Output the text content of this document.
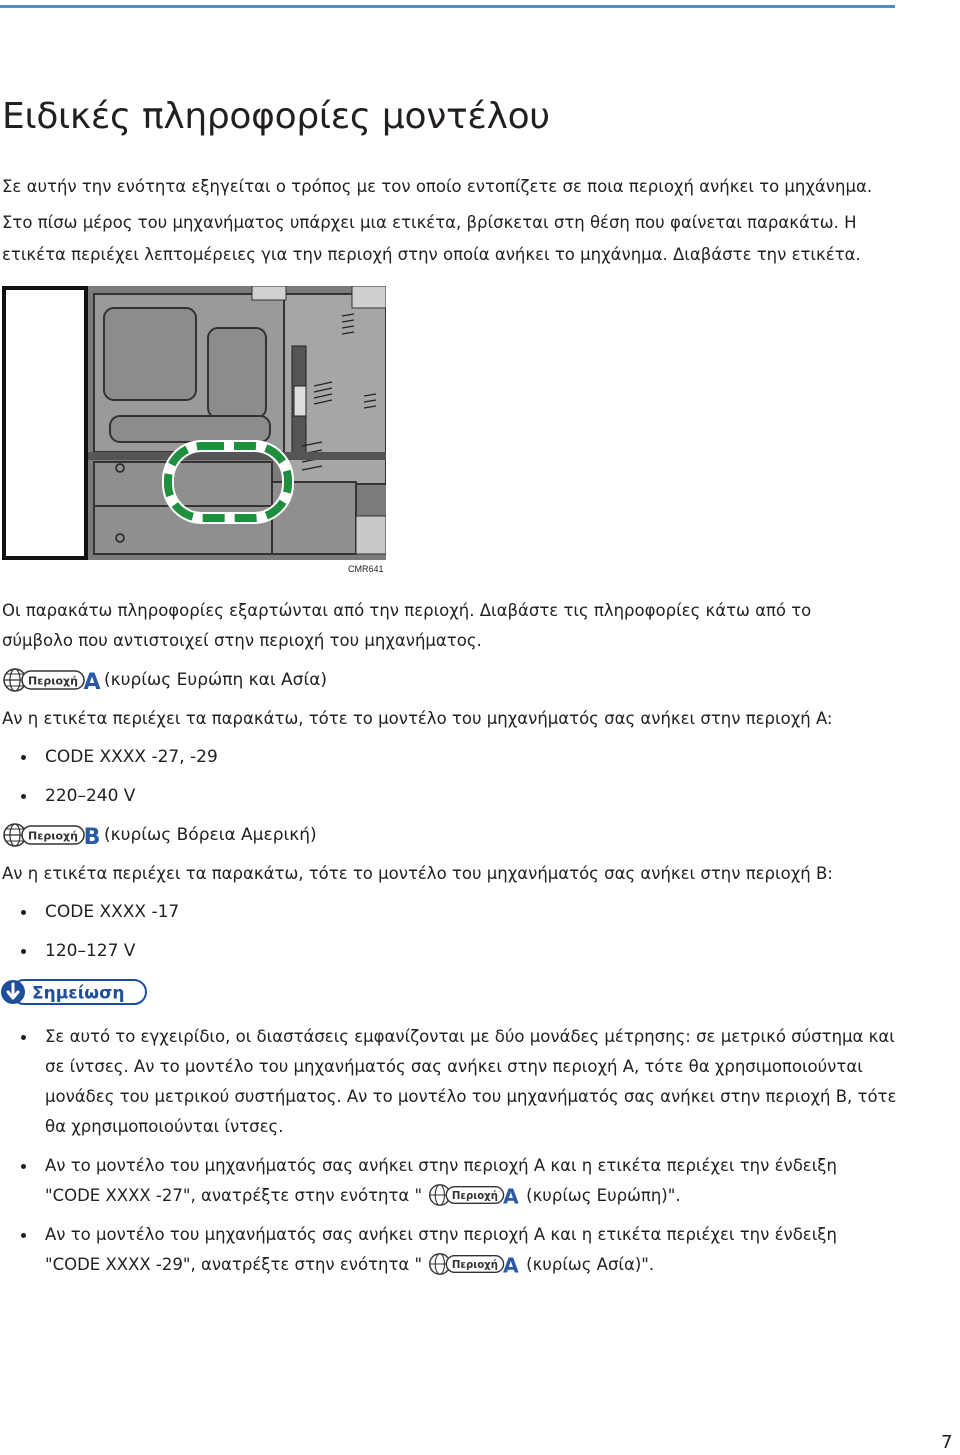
Ειδικές πληροφορίες μοντέλου

Σε αυτήν την ενότητα εξηγείται ο τρόπος με τον οποίο εντοπίζετε σε ποια περιοχή ανήκει το μηχάνημα.

Στο πίσω μέρος του μηχανήματος υπάρχει μια ετικέτα, βρίσκεται στη θέση που φαίνεται παρακάτω. Η

ετικέτα περιέχει λεπτομέρειες για την περιοχή στην οποία ανήκει το μηχάνημα. Διαβάστε την ετικέτα.

CMR641

Οι παρακάτω πληροφορίες εξαρτώνται από την περιοχή. Διαβάστε τις πληροφορίες κάτω από το

σύμβολο που αντιστοιχεί στην περιοχή του μηχανήματος.

Περιοχή A (κυρίως Ευρώπη και Ασία)

Αν η ετικέτα περιέχει τα παρακάτω, τότε το μοντέλο του μηχανήματός σας ανήκει στην περιοχή A:

CODE XXXX -27, -29
220–240 V
Περιοχή B (κυρίως Βόρεια Αμερική)

Αν η ετικέτα περιέχει τα παρακάτω, τότε το μοντέλο του μηχανήματός σας ανήκει στην περιοχή B:

CODE XXXX -17
120–127 V
Σημείωση
Σε αυτό το εγχειρίδιο, οι διαστάσεις εμφανίζονται με δύο μονάδες μέτρησης: σε μετρικό σύστημα και σε ίντσες. Αν το μοντέλο του μηχανήματός σας ανήκει στην περιοχή A, τότε θα χρησιμοποιούνται μονάδες του μετρικού συστήματος. Αν το μοντέλο του μηχανήματός σας ανήκει στην περιοχή B, τότε θα χρησιμοποιούνται ίντσες.
Αν το μοντέλο του μηχανήματός σας ανήκει στην περιοχή A και η ετικέτα περιέχει την ένδειξη
"CODE XXXX -27", ανατρέξτε στην ενότητα "	Περιοχή A (κυρίως Ευρώπη)".
Αν το μοντέλο του μηχανήματός σας ανήκει στην περιοχή A και η ετικέτα περιέχει την ένδειξη
"CODE XXXX -29", ανατρέξτε στην ενότητα "	Περιοχή A (κυρίως Ασία)".
7
